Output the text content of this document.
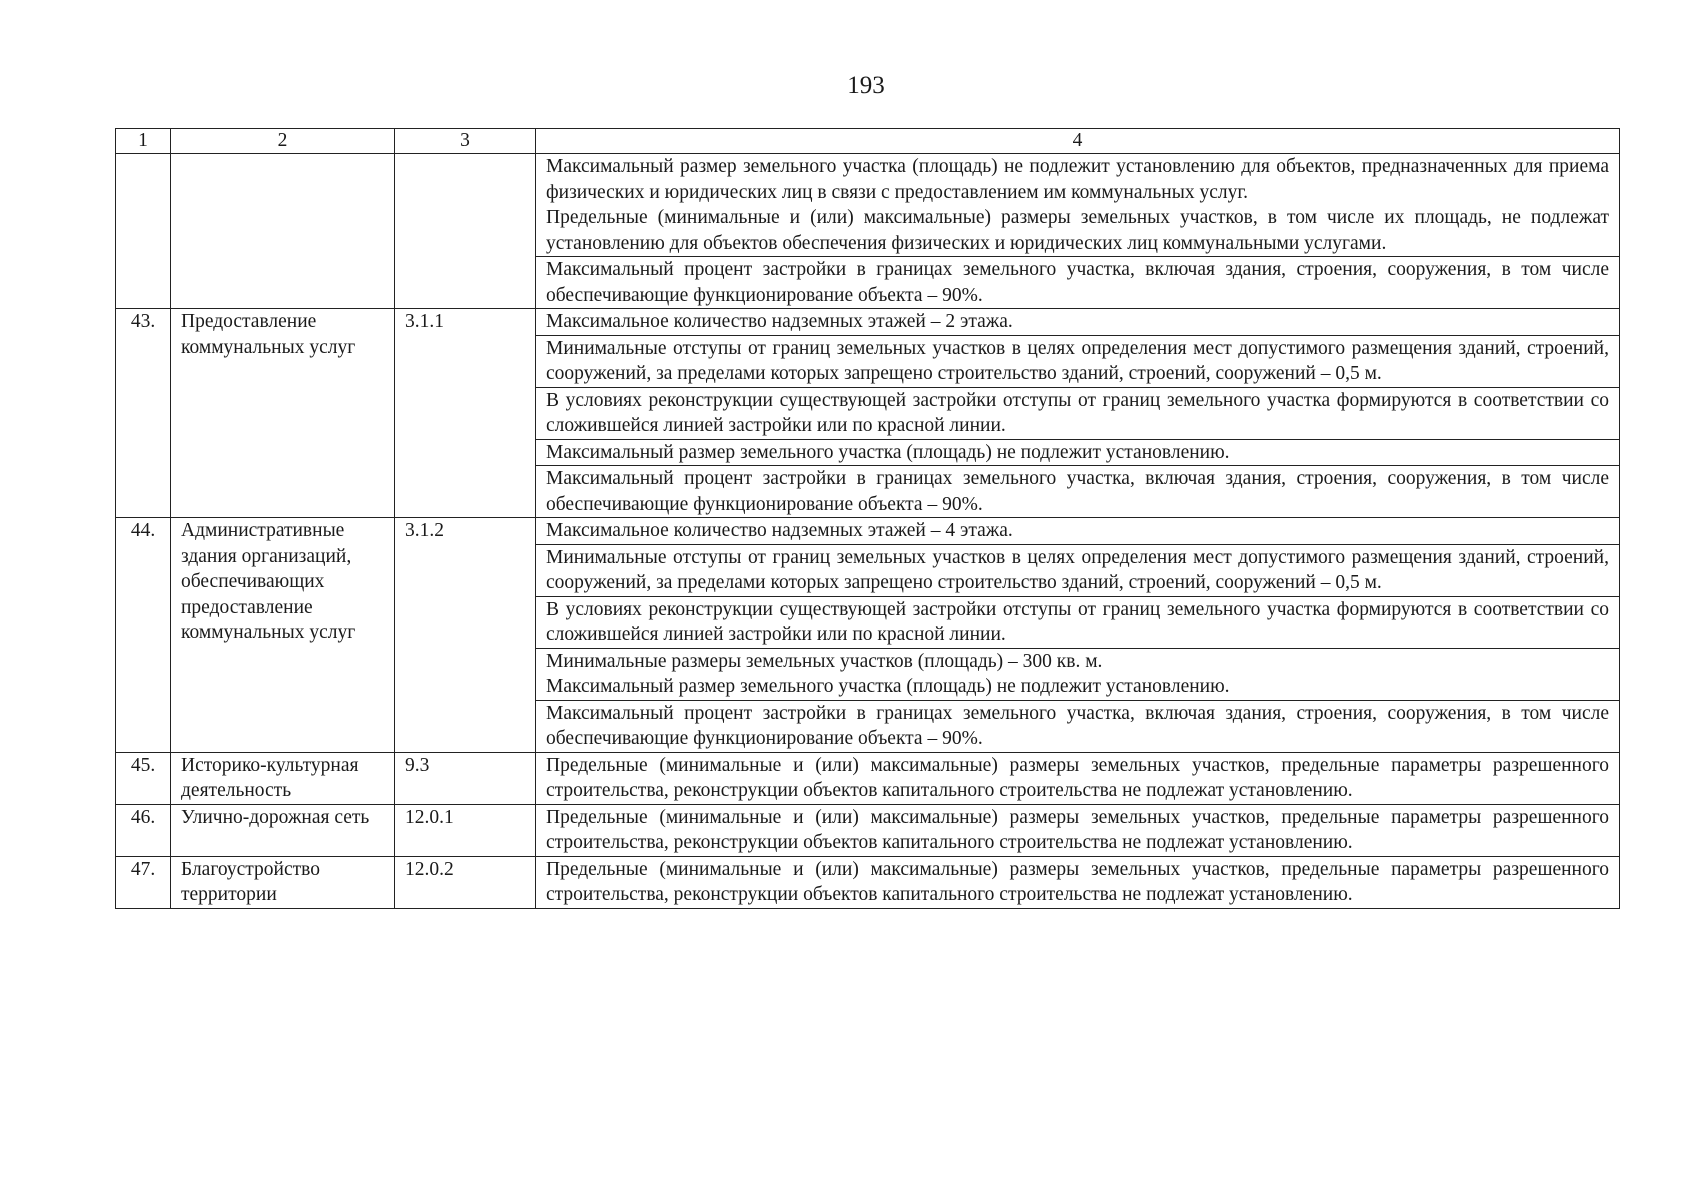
193
1	2	3	4

			Максимальный размер земельного участка (площадь) не подлежит установлению для объектов, предназначенных для приема физических и юридических лиц в связи с предоставлением им коммунальных услуг.
Предельные (минимальные и (или) максимальные) размеры земельных участков, в том числе их площадь, не подлежат установлению для объектов обеспечения физических и юридических лиц коммунальными услугами.

			Максимальный процент застройки в границах земельного участка, включая здания, строения, сооружения, в том числе обеспечивающие функционирование объекта – 90%.

43.	Предоставление коммунальных услуг	3.1.1	Максимальное количество надземных этажей – 2 этажа.

			Минимальные отступы от границ земельных участков в целях определения мест допустимого размещения зданий, строений, сооружений, за пределами которых запрещено строительство зданий, строений, сооружений – 0,5 м.

			В условиях реконструкции существующей застройки отступы от границ земельного участка формируются в соответствии со сложившейся линией застройки или по красной линии.

			Максимальный размер земельного участка (площадь) не подлежит установлению.

			Максимальный процент застройки в границах земельного участка, включая здания, строения, сооружения, в том числе обеспечивающие функционирование объекта – 90%.

44.	Административные здания организаций, обеспечивающих предоставление коммунальных услуг	3.1.2	Максимальное количество надземных этажей – 4 этажа.

			Минимальные отступы от границ земельных участков в целях определения мест допустимого размещения зданий, строений, сооружений, за пределами которых запрещено строительство зданий, строений, сооружений – 0,5 м.

			В условиях реконструкции существующей застройки отступы от границ земельного участка формируются в соответствии со сложившейся линией застройки или по красной линии.

			Минимальные размеры земельных участков (площадь) – 300 кв. м.
Максимальный размер земельного участка (площадь) не подлежит установлению.

			Максимальный процент застройки в границах земельного участка, включая здания, строения, сооружения, в том числе обеспечивающие функционирование объекта – 90%.

45.	Историко-культурная деятельность	9.3	Предельные (минимальные и (или) максимальные) размеры земельных участков, предельные параметры разрешенного строительства, реконструкции объектов капитального строительства не подлежат установлению.

46.	Улично-дорожная сеть	12.0.1	Предельные (минимальные и (или) максимальные) размеры земельных участков, предельные параметры разрешенного строительства, реконструкции объектов капитального строительства не подлежат установлению.

47.	Благоустройство территории	12.0.2	Предельные (минимальные и (или) максимальные) размеры земельных участков, предельные параметры разрешенного строительства, реконструкции объектов капитального строительства не подлежат установлению.
